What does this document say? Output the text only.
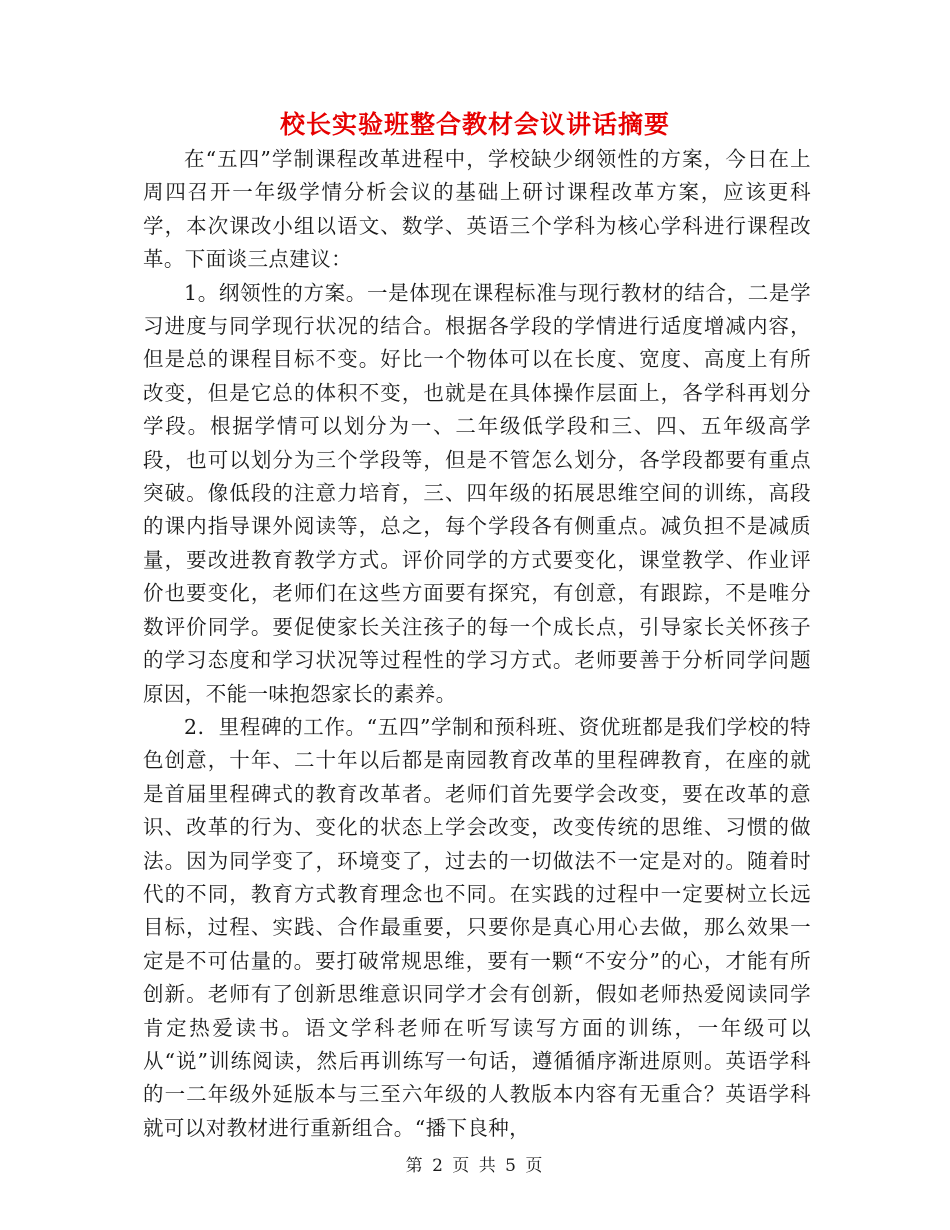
校长实验班整合教材会议讲话摘要

在“五四”学制课程改革进程中，学校缺少纲领性的方案，今日在上周四召开一年级学情分析会议的基础上研讨课程改革方案，应该更科学，本次课改小组以语文、数学、英语三个学科为核心学科进行课程改革。下面谈三点建议：

1。纲领性的方案。一是体现在课程标准与现行教材的结合，二是学习进度与同学现行状况的结合。根据各学段的学情进行适度增减内容，但是总的课程目标不变。好比一个物体可以在长度、宽度、高度上有所改变，但是它总的体积不变，也就是在具体操作层面上，各学科再划分学段。根据学情可以划分为一、二年级低学段和三、四、五年级高学段，也可以划分为三个学段等，但是不管怎么划分，各学段都要有重点突破。像低段的注意力培育，三、四年级的拓展思维空间的训练，高段的课内指导课外阅读等，总之，每个学段各有侧重点。减负担不是减质量，要改进教育教学方式。评价同学的方式要变化，课堂教学、作业评价也要变化，老师们在这些方面要有探究，有创意，有跟踪，不是唯分数评价同学。要促使家长关注孩子的每一个成长点，引导家长关怀孩子的学习态度和学习状况等过程性的学习方式。老师要善于分析同学问题原因，不能一味抱怨家长的素养。

2．里程碑的工作。“五四”学制和预科班、资优班都是我们学校的特色创意，十年、二十年以后都是南园教育改革的里程碑教育，在座的就是首届里程碑式的教育改革者。老师们首先要学会改变，要在改革的意识、改革的行为、变化的状态上学会改变，改变传统的思维、习惯的做法。因为同学变了，环境变了，过去的一切做法不一定是对的。随着时代的不同，教育方式教育理念也不同。在实践的过程中一定要树立长远目标，过程、实践、合作最重要，只要你是真心用心去做，那么效果一定是不可估量的。要打破常规思维，要有一颗“不安分”的心，才能有所创新。老师有了创新思维意识同学才会有创新，假如老师热爱阅读同学肯定热爱读书。语文学科老师在听写读写方面的训练，一年级可以从“说”训练阅读，然后再训练写一句话，遵循循序渐进原则。英语学科的一二年级外延版本与三至六年级的人教版本内容有无重合？英语学科就可以对教材进行重新组合。“播下良种，

第 2 页 共 5 页
